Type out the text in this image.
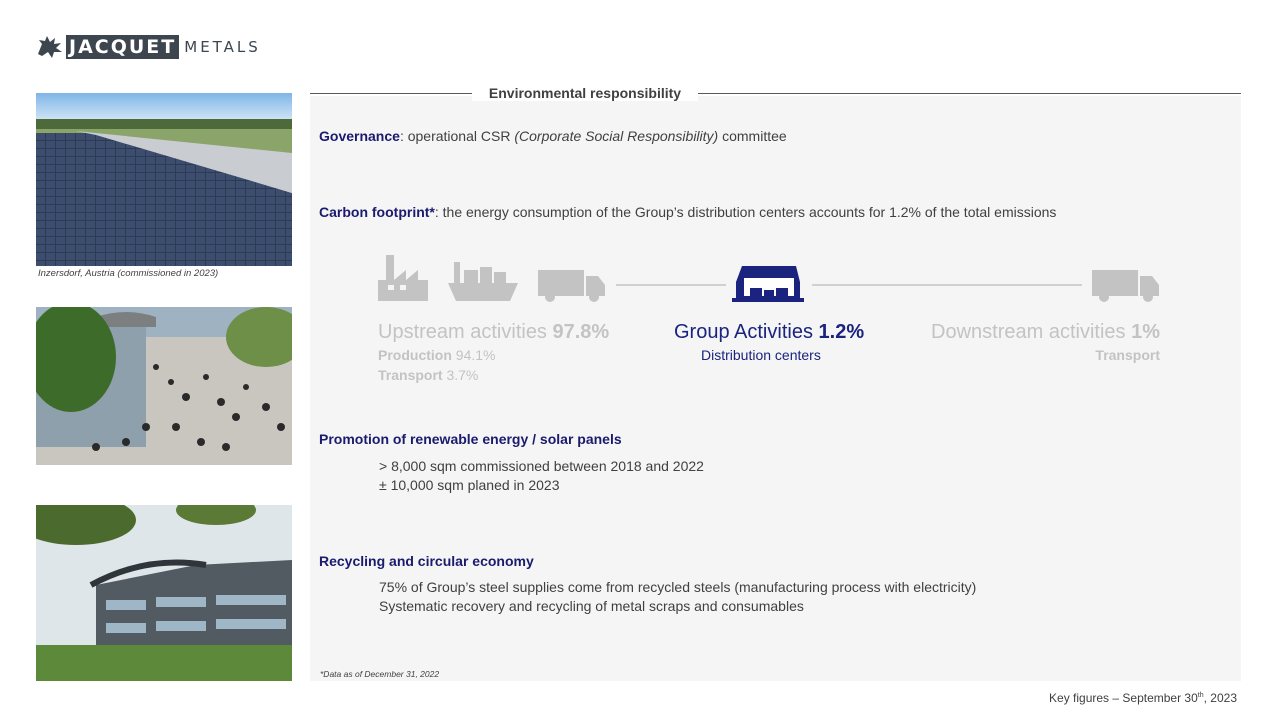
JACQUET METALS
Inzersdorf, Austria (commissioned in 2023)
Environmental responsibility
Governance: operational CSR (Corporate Social Responsibility) committee
Carbon footprint*: the energy consumption of the Group’s distribution centers accounts for 1.2% of the total emissions
Upstream activities 97.8%
Production 94.1%
Transport 3.7%
Group Activities 1.2%
Distribution centers
Downstream activities 1%
Transport
Promotion of renewable energy / solar panels
> 8,000 sqm commissioned between 2018 and 2022
± 10,000 sqm planed in 2023
Recycling and circular economy
75% of Group’s steel supplies come from recycled steels (manufacturing process with electricity)
Systematic recovery and recycling of metal scraps and consumables
*Data as of December 31, 2022
Key figures – September 30th, 2023
